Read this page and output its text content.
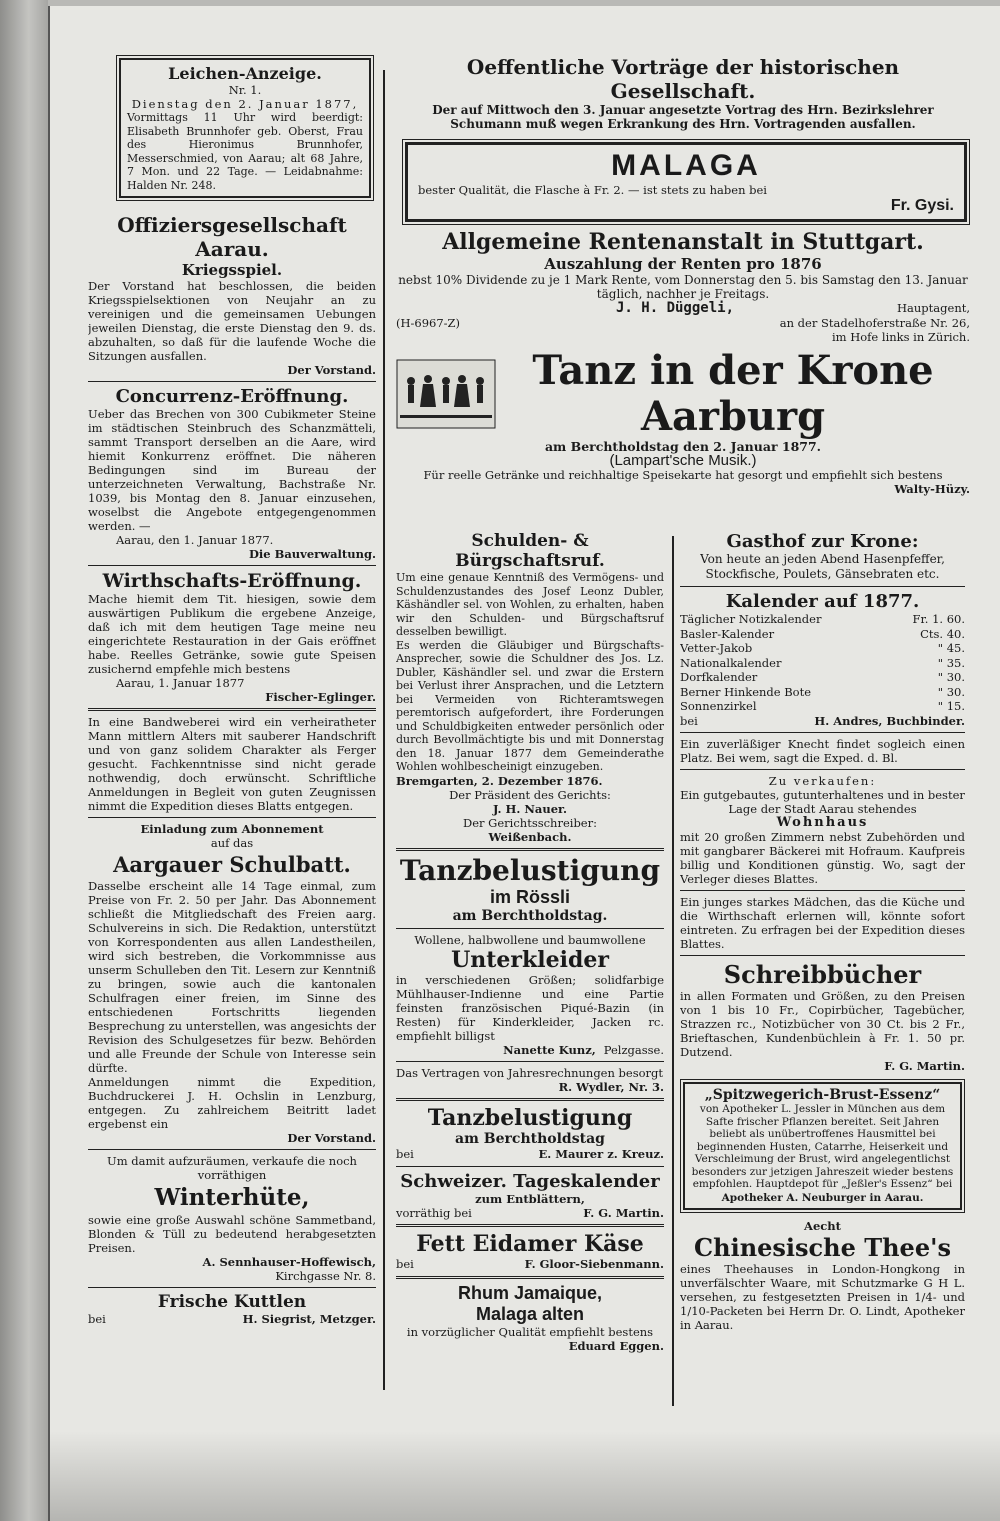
Leichen-Anzeige.

Nr. 1.

Dienstag den 2. Januar 1877,

Vormittags 11 Uhr wird beerdigt: Elisabeth Brunnhofer geb. Oberst, Frau des Hieronimus Brunnhofer, Messerschmied, von Aarau; alt 68 Jahre, 7 Mon. und 22 Tage. — Leidabnahme: Halden Nr. 248.

Offiziersgesellschaft Aarau.

Kriegsspiel.

Der Vorstand hat beschlossen, die beiden Kriegsspielsektionen von Neujahr an zu vereinigen und die gemeinsamen Uebungen jeweilen Dienstag, die erste Dienstag den 9. ds. abzuhalten, so daß für die laufende Woche die Sitzungen ausfallen.

Der Vorstand.

Concurrenz-Eröffnung.

Ueber das Brechen von 300 Cubikmeter Steine im städtischen Steinbruch des Schanzmätteli, sammt Transport derselben an die Aare, wird hiemit Konkurrenz eröffnet. Die näheren Bedingungen sind im Bureau der unterzeichneten Verwaltung, Bachstraße Nr. 1039, bis Montag den 8. Januar einzusehen, woselbst die Angebote entgegengenommen werden. —

Aarau, den 1. Januar 1877.

Die Bauverwaltung.

Wirthschafts-Eröffnung.

Mache hiemit dem Tit. hiesigen, sowie dem auswärtigen Publikum die ergebene Anzeige, daß ich mit dem heutigen Tage meine neu eingerichtete Restauration in der Gais eröffnet habe. Reelles Getränke, sowie gute Speisen zusichernd empfehle mich bestens

Aarau, 1. Januar 1877

Fischer-Eglinger.

In eine Bandweberei wird ein verheiratheter Mann mittlern Alters mit sauberer Handschrift und von ganz solidem Charakter als Ferger gesucht. Fachkenntnisse sind nicht gerade nothwendig, doch erwünscht. Schriftliche Anmeldungen in Begleit von guten Zeugnissen nimmt die Expedition dieses Blatts entgegen.

Einladung zum Abonnement

auf das

Aargauer Schulbatt.

Dasselbe erscheint alle 14 Tage einmal, zum Preise von Fr. 2. 50 per Jahr. Das Abonnement schließt die Mitgliedschaft des Freien aarg. Schulvereins in sich. Die Redaktion, unterstützt von Korrespondenten aus allen Landestheilen, wird sich bestreben, die Vorkommnisse aus unserm Schulleben den Tit. Lesern zur Kenntniß zu bringen, sowie auch die kantonalen Schulfragen einer freien, im Sinne des entschiedenen Fortschritts liegenden Besprechung zu unterstellen, was angesichts der Revision des Schulgesetzes für bezw. Behörden und alle Freunde der Schule von Interesse sein dürfte.

Anmeldungen nimmt die Expedition, Buchdruckerei J. H. Ochslin in Lenzburg, entgegen. Zu zahlreichem Beitritt ladet ergebenst ein

Der Vorstand.

Um damit aufzuräumen, verkaufe die noch vorräthigen

Winterhüte,

sowie eine große Auswahl schöne Sammetband, Blonden & Tüll zu bedeutend herabgesetzten Preisen.

A. Sennhauser-Hoffewisch,

Kirchgasse Nr. 8.

Frische Kuttlen

bei	H. Siegrist, Metzger.

Oeffentliche Vorträge der historischen Gesellschaft.

Der auf Mittwoch den 3. Januar angesetzte Vortrag des Hrn. Bezirkslehrer Schumann muß wegen Erkrankung des Hrn. Vortragenden ausfallen.

MALAGA

bester Qualität, die Flasche à Fr. 2. — ist stets zu haben bei

Fr. Gysi.

Allgemeine Rentenanstalt in Stuttgart.

Auszahlung der Renten pro 1876

nebst 10% Dividende zu je 1 Mark Rente, vom Donnerstag den 5. bis Samstag den 13. Januar täglich, nachher je Freitags.

J. H. Düggeli,	Hauptagent,
(H-6967-Z)	an der Stadelhoferstraße Nr. 26,

im Hofe links in Zürich.

Tanz in der Krone Aarburg

am Berchtholdstag den 2. Januar 1877.

(Lampart'sche Musik.)

Für reelle Getränke und reichhaltige Speisekarte hat gesorgt und empfiehlt sich bestens

Walty-Hüzy.

Schulden- & Bürgschaftsruf.

Um eine genaue Kenntniß des Vermögens- und Schuldenzustandes des Josef Leonz Dubler, Käshändler sel. von Wohlen, zu erhalten, haben wir den Schulden- und Bürgschaftsruf desselben bewilligt.

Es werden die Gläubiger und Bürgschafts-Ansprecher, sowie die Schuldner des Jos. Lz. Dubler, Käshändler sel. und zwar die Erstern bei Verlust ihrer Ansprachen, und die Letztern bei Vermeiden von Richteramtswegen peremtorisch aufgefordert, ihre Forderungen und Schuldbigkeiten entweder persönlich oder durch Bevollmächtigte bis und mit Donnerstag den 18. Januar 1877 dem Gemeinderathe Wohlen wohlbescheinigt einzugeben.

Bremgarten, 2. Dezember 1876.

Der Präsident des Gerichts:

J. H. Nauer.

Der Gerichtsschreiber:

Weißenbach.

Tanzbelustigung

im Rössli

am Berchtholdstag.

Wollene, halbwollene und baumwollene

Unterkleider

in verschiedenen Größen; solidfarbige Mühlhauser-Indienne und eine Partie feinsten französischen Piqué-Bazin (in Resten) für Kinderkleider, Jacken rc. empfiehlt billigst

Nanette Kunz, Pelzgasse.

Das Vertragen von Jahresrechnungen besorgt

R. Wydler, Nr. 3.

Tanzbelustigung

am Berchtholdstag

bei	E. Maurer z. Kreuz.

Schweizer. Tageskalender

zum Entblättern,

vorräthig bei	F. G. Martin.

Fett Eidamer Käse

bei	F. Gloor-Siebenmann.

Rhum Jamaique,

Malaga alten

in vorzüglicher Qualität empfiehlt bestens

Eduard Eggen.

Gasthof zur Krone:

Von heute an jeden Abend Hasenpfeffer, Stockfische, Poulets, Gänsebraten etc.

Kalender auf 1877.

Täglicher Notizkalender	Fr. 1. 60.
Basler-Kalender	Cts. 40.
Vetter-Jakob	" 45.
Nationalkalender	" 35.
Dorfkalender	" 30.
Berner Hinkende Bote	" 30.
Sonnenzirkel	" 15.
bei	H. Andres, Buchbinder.

Ein zuverläßiger Knecht findet sogleich einen Platz. Bei wem, sagt die Exped. d. Bl.

Zu verkaufen:

Ein gutgebautes, gutunterhaltenes und in bester Lage der Stadt Aarau stehendes

Wohnhaus

mit 20 großen Zimmern nebst Zubehörden und mit gangbarer Bäckerei mit Hofraum. Kaufpreis billig und Konditionen günstig. Wo, sagt der Verleger dieses Blattes.

Ein junges starkes Mädchen, das die Küche und die Wirthschaft erlernen will, könnte sofort eintreten. Zu erfragen bei der Expedition dieses Blattes.

Schreibbücher

in allen Formaten und Größen, zu den Preisen von 1 bis 10 Fr., Copirbücher, Tagebücher, Strazzen rc., Notizbücher von 30 Ct. bis 2 Fr., Brieftaschen, Kundenbüchlein à Fr. 1. 50 pr. Dutzend.

F. G. Martin.

„Spitzwegerich-Brust-Essenz“

von Apotheker L. Jessler in München aus dem Safte frischer Pflanzen bereitet. Seit Jahren beliebt als unübertroffenes Hausmittel bei beginnenden Husten, Catarrhe, Heiserkeit und Verschleimung der Brust, wird angelegentlichst besonders zur jetzigen Jahreszeit wieder bestens empfohlen. Hauptdepot für „Jeßler's Essenz“ bei

Apotheker A. Neuburger in Aarau.

Aecht

Chinesische Thee's

eines Theehauses in London-Hongkong in unverfälschter Waare, mit Schutzmarke G H L. versehen, zu festgesetzten Preisen in 1/4- und 1/10-Packeten bei Herrn Dr. O. Lindt, Apotheker in Aarau.
